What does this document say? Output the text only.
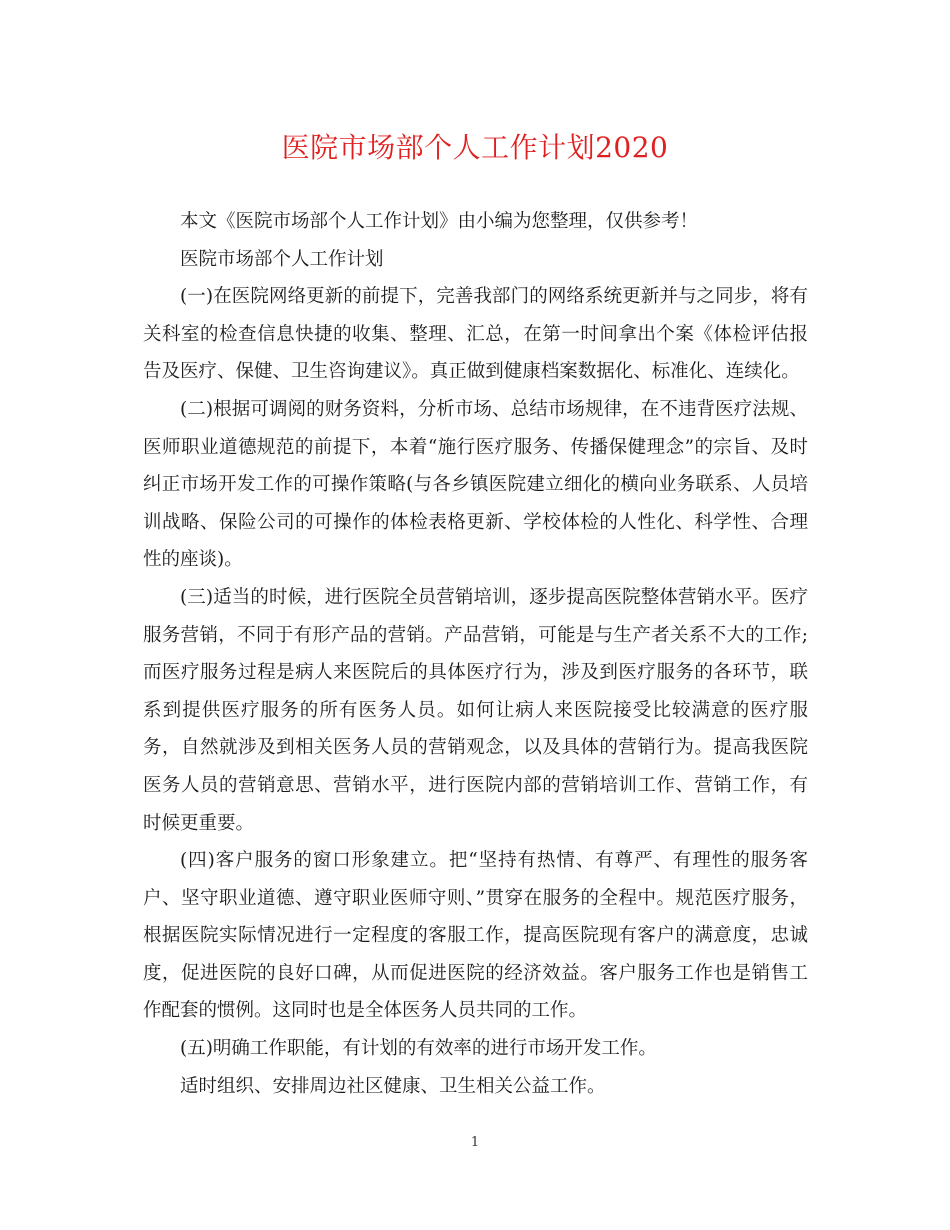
医院市场部个人工作计划2020

本文《医院市场部个人工作计划》由小编为您整理，仅供参考！

医院市场部个人工作计划

(一)在医院网络更新的前提下，完善我部门的网络系统更新并与之同步，将有关科室的检查信息快捷的收集、整理、汇总，在第一时间拿出个案《体检评估报告及医疗、保健、卫生咨询建议》。真正做到健康档案数据化、标准化、连续化。

(二)根据可调阅的财务资料，分析市场、总结市场规律，在不违背医疗法规、医师职业道德规范的前提下，本着“施行医疗服务、传播保健理念”的宗旨、及时纠正市场开发工作的可操作策略(与各乡镇医院建立细化的横向业务联系、人员培训战略、保险公司的可操作的体检表格更新、学校体检的人性化、科学性、合理性的座谈)。

(三)适当的时候，进行医院全员营销培训，逐步提高医院整体营销水平。医疗服务营销，不同于有形产品的营销。产品营销，可能是与生产者关系不大的工作;而医疗服务过程是病人来医院后的具体医疗行为，涉及到医疗服务的各环节，联系到提供医疗服务的所有医务人员。如何让病人来医院接受比较满意的医疗服务，自然就涉及到相关医务人员的营销观念，以及具体的营销行为。提高我医院医务人员的营销意思、营销水平，进行医院内部的营销培训工作、营销工作，有时候更重要。

(四)客户服务的窗口形象建立。把“坚持有热情、有尊严、有理性的服务客户、坚守职业道德、遵守职业医师守则、”贯穿在服务的全程中。规范医疗服务，根据医院实际情况进行一定程度的客服工作，提高医院现有客户的满意度，忠诚度，促进医院的良好口碑，从而促进医院的经济效益。客户服务工作也是销售工作配套的惯例。这同时也是全体医务人员共同的工作。

(五)明确工作职能，有计划的有效率的进行市场开发工作。

适时组织、安排周边社区健康、卫生相关公益工作。

1
